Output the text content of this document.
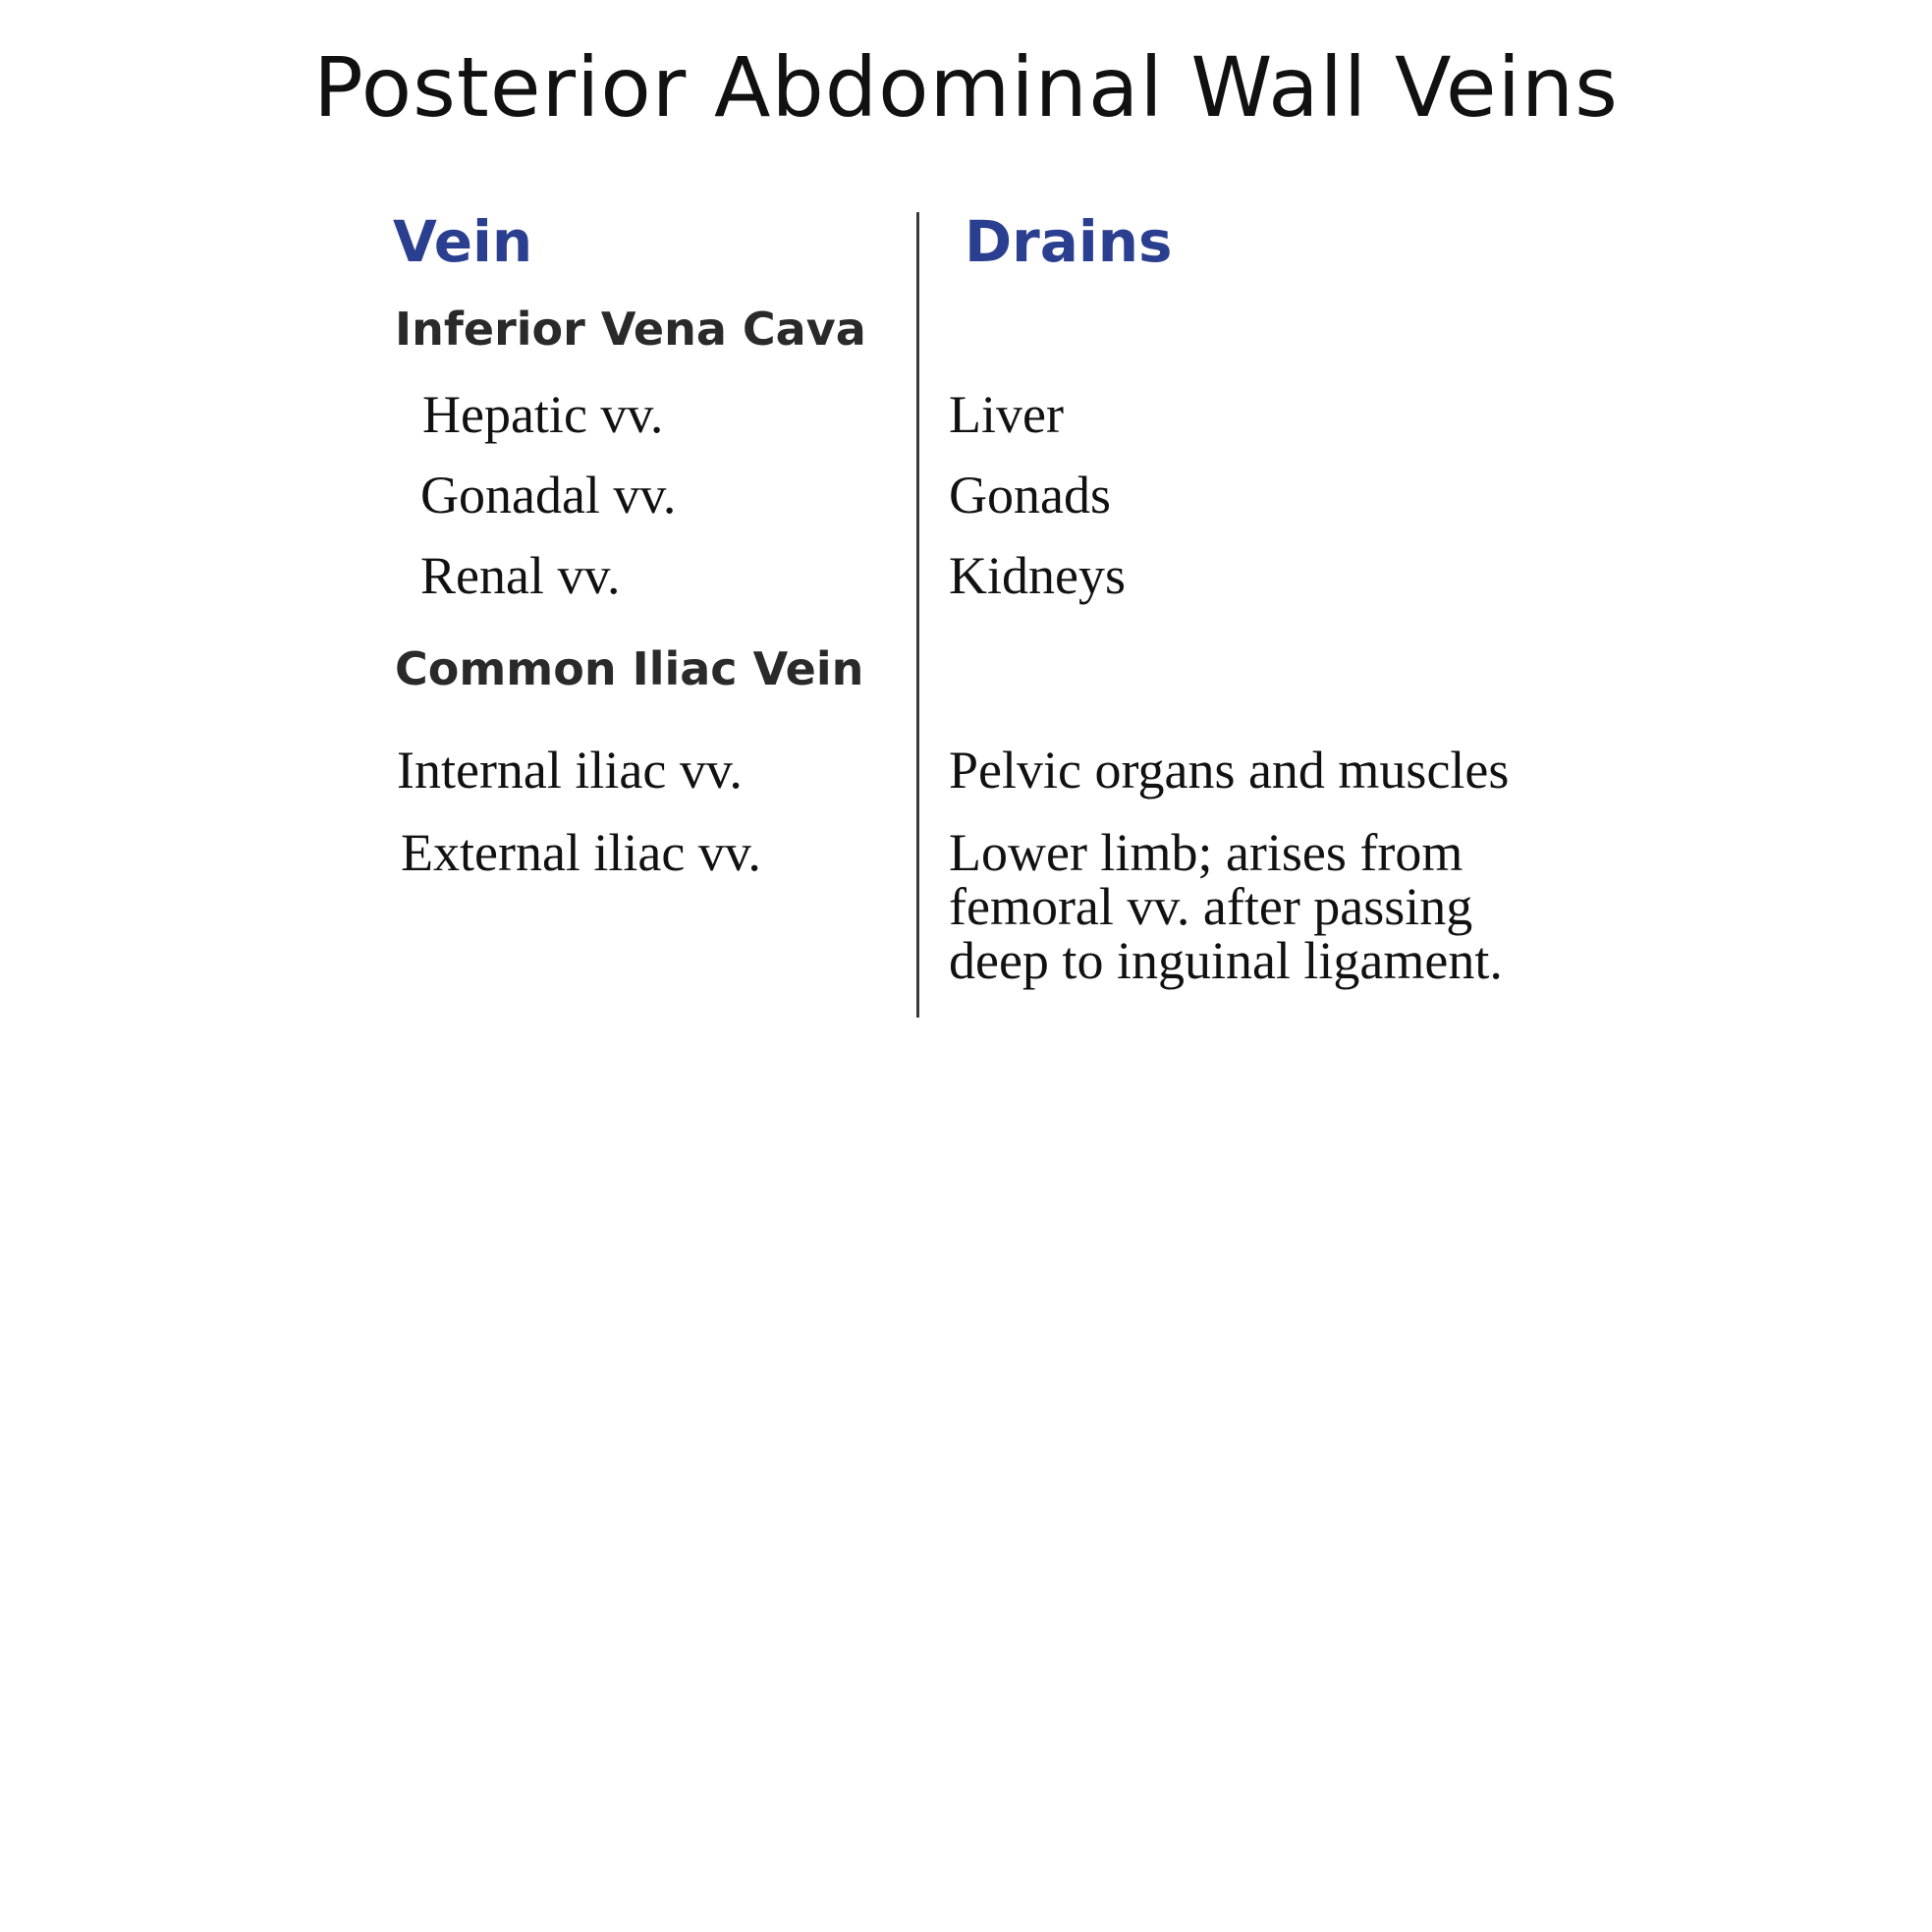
Posterior Abdominal Wall Veins
Vein	Drains
Inferior Vena Cava
Hepatic vv.	Liver
Gonadal vv.	Gonads
Renal vv.	Kidneys
Common Iliac Vein
Internal iliac vv.	Pelvic organs and muscles
External iliac vv.	Lower limb; arises from
femoral vv. after passing
deep to inguinal ligament.
